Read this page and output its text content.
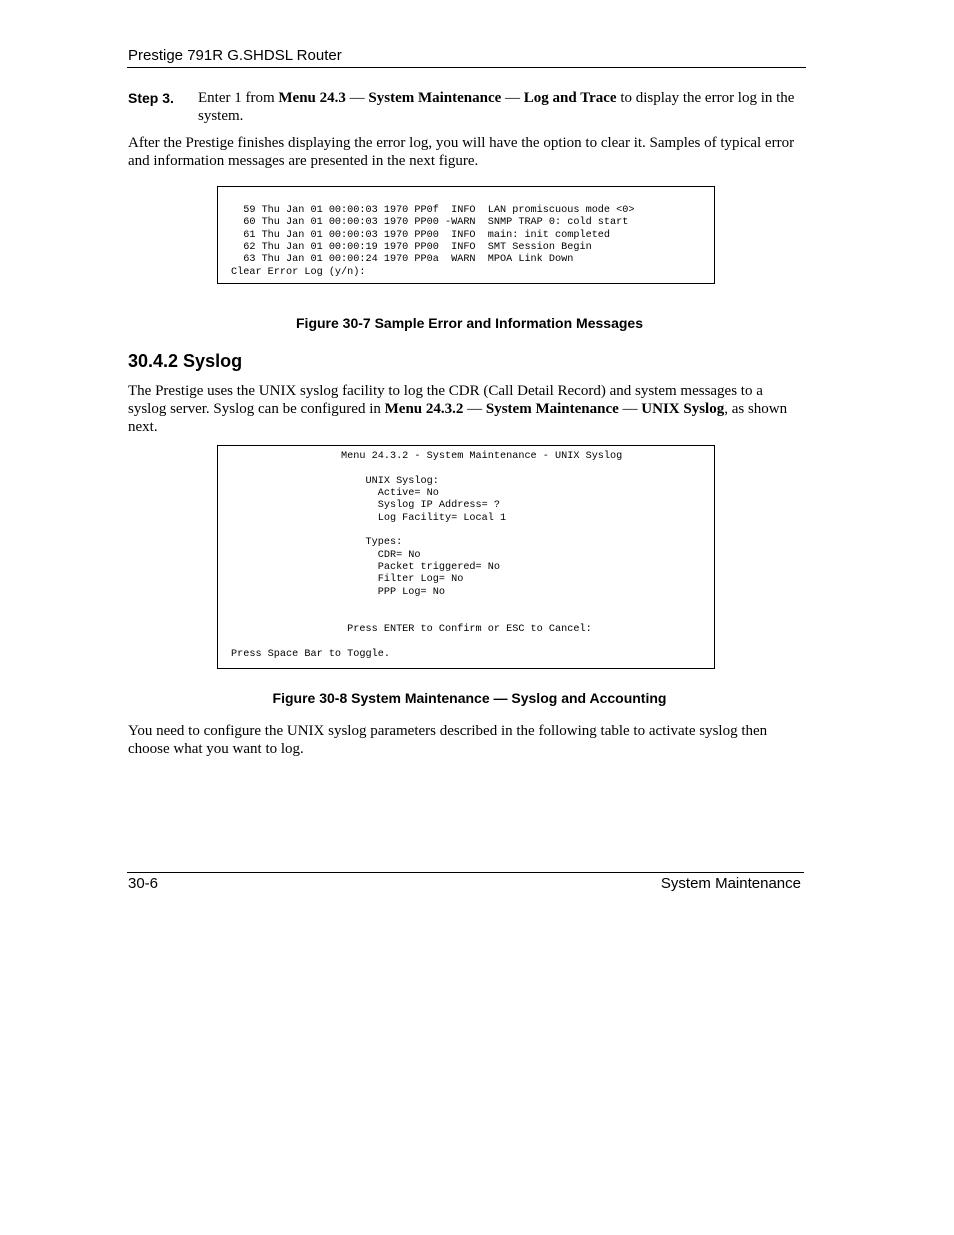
Prestige 791R G.SHDSL Router
Step 3. Enter 1 from Menu 24.3 — System Maintenance — Log and Trace to display the error log in the system.
After the Prestige finishes displaying the error log, you will have the option to clear it. Samples of typical error and information messages are presented in the next figure.
59 Thu Jan 01 00:00:03 1970 PP0f  INFO  LAN promiscuous mode <0>
60 Thu Jan 01 00:00:03 1970 PP00 -WARN  SNMP TRAP 0: cold start
61 Thu Jan 01 00:00:03 1970 PP00  INFO  main: init completed
62 Thu Jan 01 00:00:19 1970 PP00  INFO  SMT Session Begin
63 Thu Jan 01 00:00:24 1970 PP0a  WARN  MPOA Link Down
Clear Error Log (y/n):
Figure 30-7 Sample Error and Information Messages
30.4.2 Syslog
The Prestige uses the UNIX syslog facility to log the CDR (Call Detail Record) and system messages to a syslog server. Syslog can be configured in Menu 24.3.2 — System Maintenance — UNIX Syslog, as shown next.
Menu 24.3.2 - System Maintenance - UNIX Syslog

UNIX Syslog:
Active= No
Syslog IP Address= ?
Log Facility= Local 1

Types:
CDR= No
Packet triggered= No
Filter Log= No
PPP Log= No

Press ENTER to Confirm or ESC to Cancel:

Press Space Bar to Toggle.
Figure 30-8 System Maintenance — Syslog and Accounting
You need to configure the UNIX syslog parameters described in the following table to activate syslog then choose what you want to log.
30-6	System Maintenance
